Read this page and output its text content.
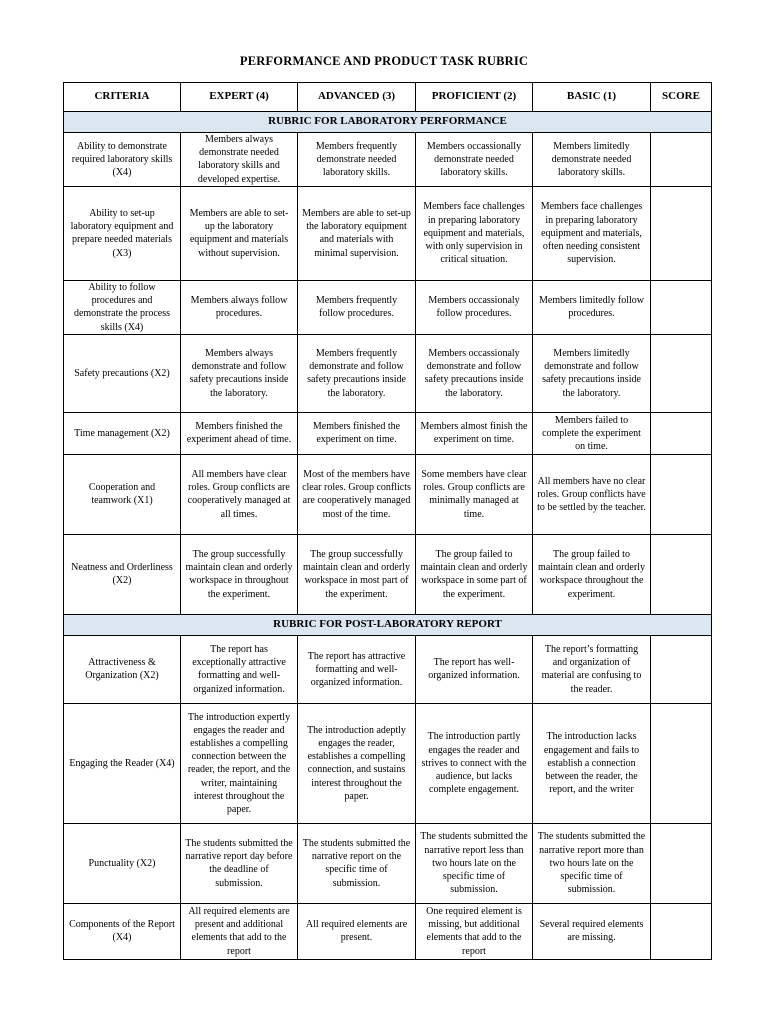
PERFORMANCE AND PRODUCT TASK RUBRIC
CRITERIA	EXPERT (4)	ADVANCED (3)	PROFICIENT (2)	BASIC (1)	SCORE
RUBRIC FOR LABORATORY PERFORMANCE					
Ability to demonstrate required laboratory skills (X4)	Members always demonstrate needed laboratory skills and developed expertise.	Members frequently demonstrate needed laboratory skills.	Members occassionally demonstrate needed laboratory skills.	Members limitedly demonstrate needed laboratory skills.	
Ability to set-up laboratory equipment and prepare needed materials (X3)	Members are able to set-up the laboratory equipment and materials without supervision.	Members are able to set-up the laboratory equipment and materials with minimal supervision.	Members face challenges in preparing laboratory equipment and materials, with only supervision in critical situation.	Members face challenges in preparing laboratory equipment and materials, often needing consistent supervision.	
Ability to follow procedures and demonstrate the process skills (X4)	Members always follow procedures.	Members frequently follow procedures.	Members occassionaly follow procedures.	Members limitedly follow procedures.	
Safety precautions (X2)	Members always demonstrate and follow safety precautions inside the laboratory.	Members frequently demonstrate and follow safety precautions inside the laboratory.	Members occassionaly demonstrate and follow safety precautions inside the laboratory.	Members limitedly demonstrate and follow safety precautions inside the laboratory.	
Time management (X2)	Members finished the experiment ahead of time.	Members finished the experiment on time.	Members almost finish the experiment on time.	Members failed to complete the experiment on time.	
Cooperation and teamwork (X1)	All members have clear roles. Group conflicts are cooperatively managed at all times.	Most of the members have clear roles. Group conflicts are cooperatively managed most of the time.	Some members have clear roles. Group conflicts are minimally managed at time.	All members have no clear roles. Group conflicts have to be settled by the teacher.	
Neatness and Orderliness (X2)	The group successfully maintain clean and orderly workspace in throughout the experiment.	The group successfully maintain clean and orderly workspace in most part of the experiment.	The group failed to maintain clean and orderly workspace in some part of the experiment.	The group failed to maintain clean and orderly workspace throughout the experiment.	
RUBRIC FOR POST-LABORATORY REPORT					
Attractiveness & Organization (X2)	The report has exceptionally attractive formatting and well-organized information.	The report has attractive formatting and well-organized information.	The report has well-organized information.	The report’s formatting and organization of material are confusing to the reader.	
Engaging the Reader (X4)	The introduction expertly engages the reader and establishes a compelling connection between the reader, the report, and the writer, maintaining interest throughout the paper.	The introduction adeptly engages the reader, establishes a compelling connection, and sustains interest throughout the paper.	The introduction partly engages the reader and strives to connect with the audience, but lacks complete engagement.	The introduction lacks engagement and fails to establish a connection between the reader, the report, and the writer	
Punctuality (X2)	The students submitted the narrative report day before the deadline of submission.	The students submitted the narrative report on the specific time of submission.	The students submitted the narrative report less than two hours late on the specific time of submission.	The students submitted the narrative report more than two hours late on the specific time of submission.	
Components of the Report (X4)	All required elements are present and additional elements that add to the report	All required elements are present.	One required element is missing, but additional elements that add to the report	Several required elements are missing.	
